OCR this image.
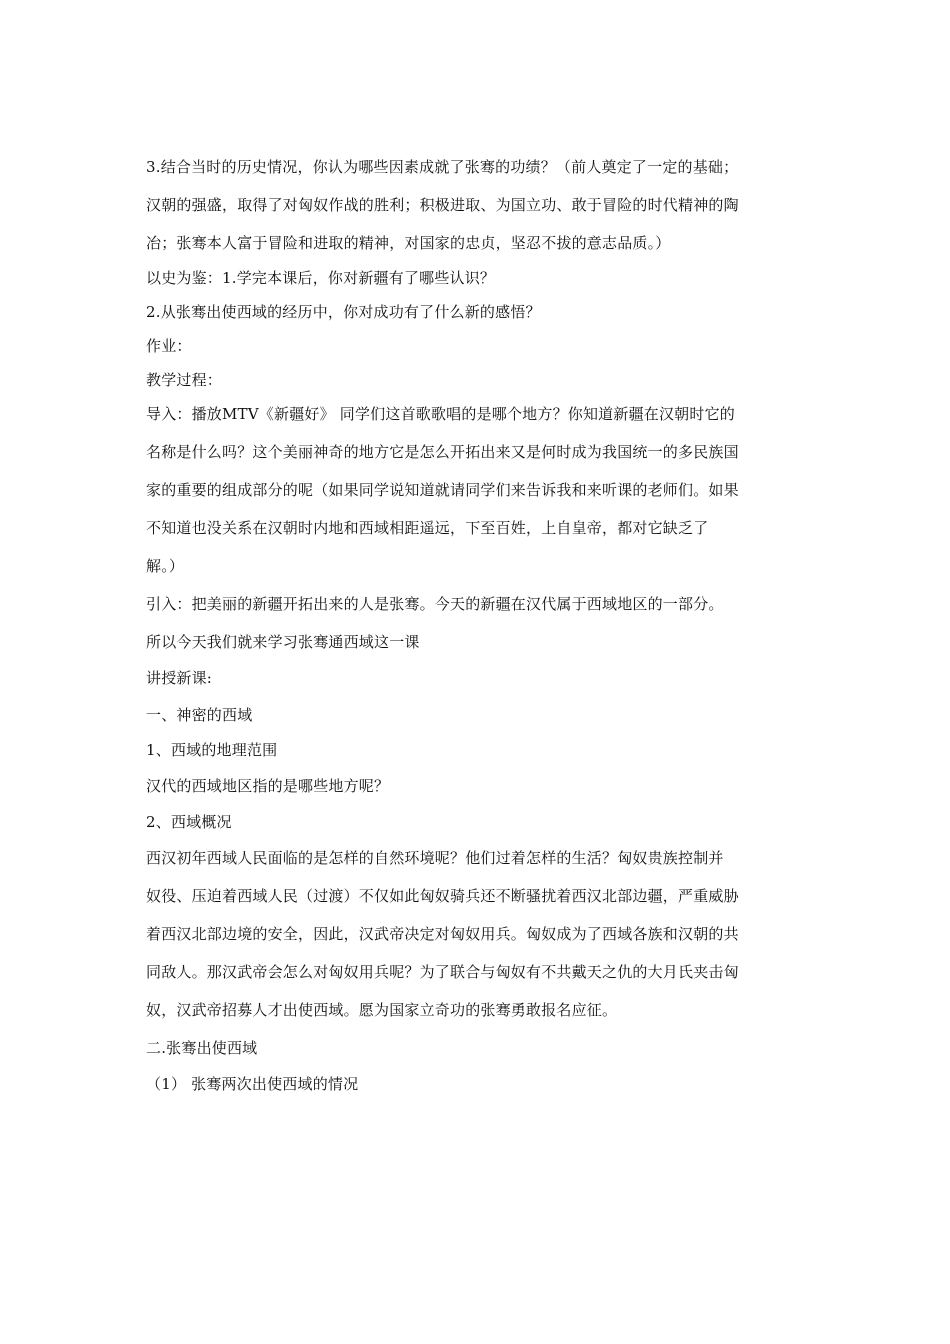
3.结合当时的历史情况，你认为哪些因素成就了张骞的功绩？（前人奠定了一定的基础；
汉朝的强盛，取得了对匈奴作战的胜利；积极进取、为国立功、敢于冒险的时代精神的陶
冶；张骞本人富于冒险和进取的精神，对国家的忠贞，坚忍不拔的意志品质。）
以史为鉴：1.学完本课后，你对新疆有了哪些认识？
2.从张骞出使西域的经历中，你对成功有了什么新的感悟？
作业：
教学过程：
导入：播放MTV《新疆好》 同学们这首歌歌唱的是哪个地方？你知道新疆在汉朝时它的
名称是什么吗？这个美丽神奇的地方它是怎么开拓出来又是何时成为我国统一的多民族国
家的重要的组成部分的呢（如果同学说知道就请同学们来告诉我和来听课的老师们。如果
不知道也没关系在汉朝时内地和西域相距遥远，下至百姓，上自皇帝，都对它缺乏了
解。）
引入：把美丽的新疆开拓出来的人是张骞。今天的新疆在汉代属于西域地区的一部分。
所以今天我们就来学习张骞通西域这一课
讲授新课:
一、神密的西域
1、西域的地理范围
汉代的西域地区指的是哪些地方呢？
2、西域概况
西汉初年西域人民面临的是怎样的自然环境呢？他们过着怎样的生活？匈奴贵族控制并
奴役、压迫着西域人民（过渡）不仅如此匈奴骑兵还不断骚扰着西汉北部边疆，严重威胁
着西汉北部边境的安全，因此，汉武帝决定对匈奴用兵。匈奴成为了西域各族和汉朝的共
同敌人。那汉武帝会怎么对匈奴用兵呢？为了联合与匈奴有不共戴天之仇的大月氏夹击匈
奴，汉武帝招募人才出使西域。愿为国家立奇功的张骞勇敢报名应征。
二.张骞出使西域
（1） 张骞两次出使西域的情况
